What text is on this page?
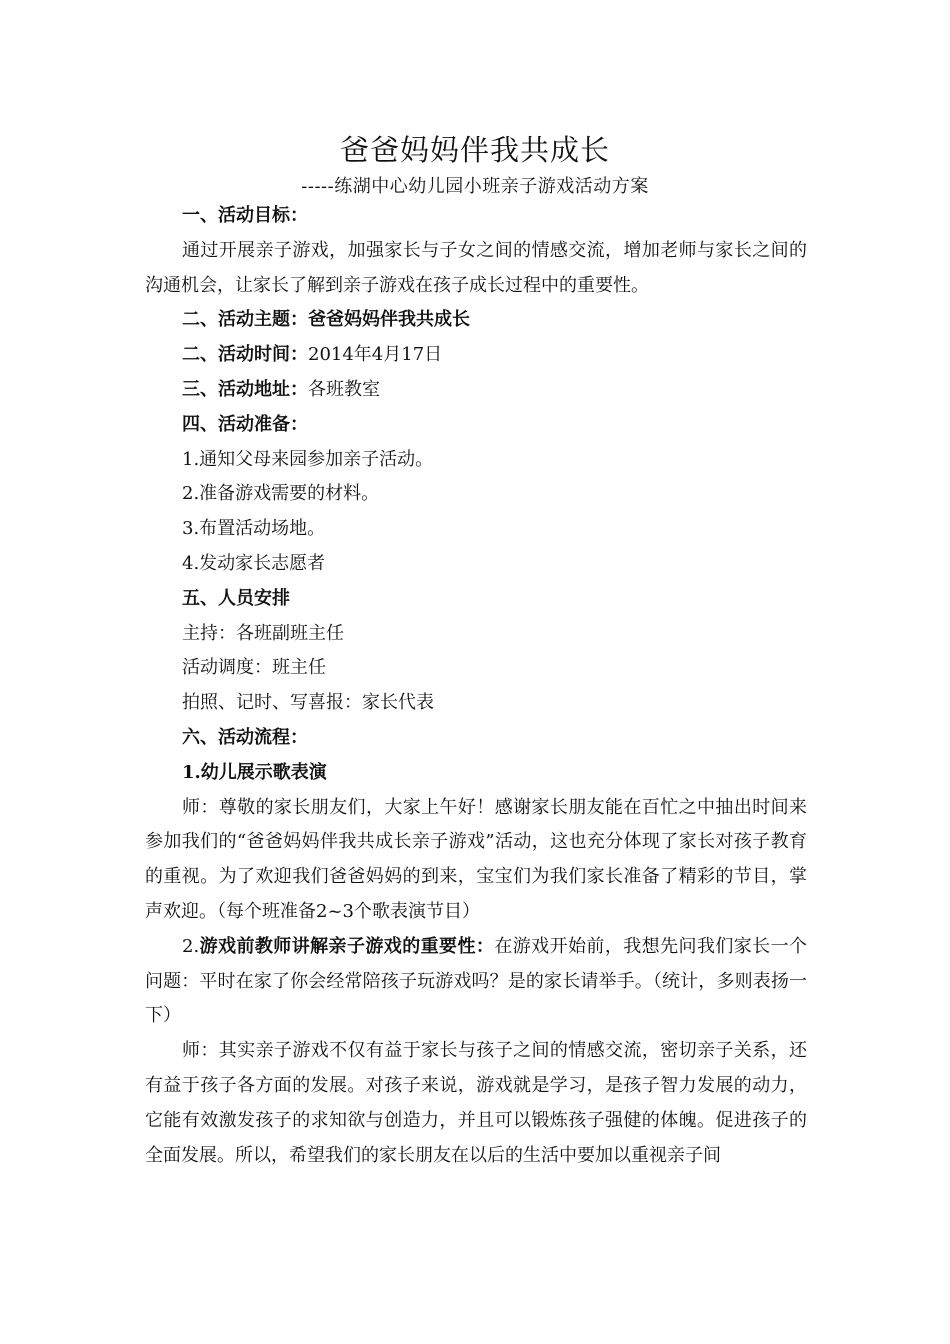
爸爸妈妈伴我共成长
-----练湖中心幼儿园小班亲子游戏活动方案
一、活动目标：
通过开展亲子游戏，加强家长与子女之间的情感交流，增加老师与家长之间的沟通机会，让家长了解到亲子游戏在孩子成长过程中的重要性。
二、活动主题：爸爸妈妈伴我共成长
二、活动时间：2014年4月17日
三、活动地址：各班教室
四、活动准备：
1.通知父母来园参加亲子活动。
2.准备游戏需要的材料。
3.布置活动场地。
4.发动家长志愿者
五、人员安排
主持：各班副班主任
活动调度：班主任
拍照、记时、写喜报：家长代表
六、活动流程：
1.幼儿展示歌表演
师：尊敬的家长朋友们，大家上午好！感谢家长朋友能在百忙之中抽出时间来参加我们的“爸爸妈妈伴我共成长亲子游戏”活动，这也充分体现了家长对孩子教育的重视。为了欢迎我们爸爸妈妈的到来，宝宝们为我们家长准备了精彩的节目，掌声欢迎。（每个班准备2~3个歌表演节目）
2.游戏前教师讲解亲子游戏的重要性：在游戏开始前，我想先问我们家长一个问题：平时在家了你会经常陪孩子玩游戏吗？是的家长请举手。（统计，多则表扬一下）
师：其实亲子游戏不仅有益于家长与孩子之间的情感交流，密切亲子关系，还有益于孩子各方面的发展。对孩子来说，游戏就是学习，是孩子智力发展的动力，它能有效激发孩子的求知欲与创造力，并且可以锻炼孩子强健的体魄。促进孩子的全面发展。所以，希望我们的家长朋友在以后的生活中要加以重视亲子间
